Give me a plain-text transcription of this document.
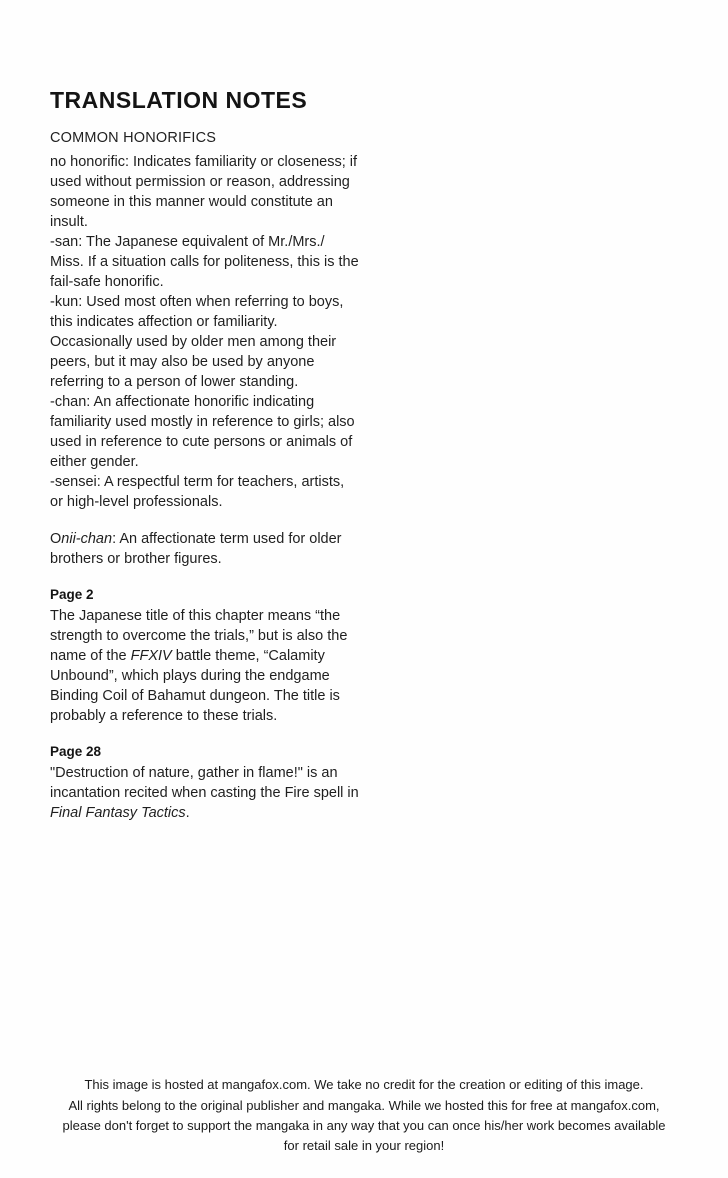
TRANSLATION NOTES
COMMON HONORIFICS

no honorific: Indicates familiarity or closeness; if used without permission or reason, addressing someone in this manner would constitute an insult.

-san: The Japanese equivalent of Mr./Mrs./ Miss. If a situation calls for politeness, this is the fail-safe honorific.

-kun: Used most often when referring to boys, this indicates affection or familiarity. Occasionally used by older men among their peers, but it may also be used by anyone referring to a person of lower standing.

-chan: An affectionate honorific indicating familiarity used mostly in reference to girls; also used in reference to cute persons or animals of either gender.

-sensei: A respectful term for teachers, artists, or high-level professionals.

Onii-chan: An affectionate term used for older brothers or brother figures.

Page 2

The Japanese title of this chapter means “the strength to overcome the trials,” but is also the name of the FFXIV battle theme, “Calamity Unbound”, which plays during the endgame Binding Coil of Bahamut dungeon. The title is probably a reference to these trials.

Page 28

"Destruction of nature, gather in flame!" is an incantation recited when casting the Fire spell in Final Fantasy Tactics.

This image is hosted at mangafox.com. We take no credit for the creation or editing of this image.
All rights belong to the original publisher and mangaka. While we hosted this for free at mangafox.com,
please don't forget to support the mangaka in any way that you can once his/her work becomes available
for retail sale in your region!
